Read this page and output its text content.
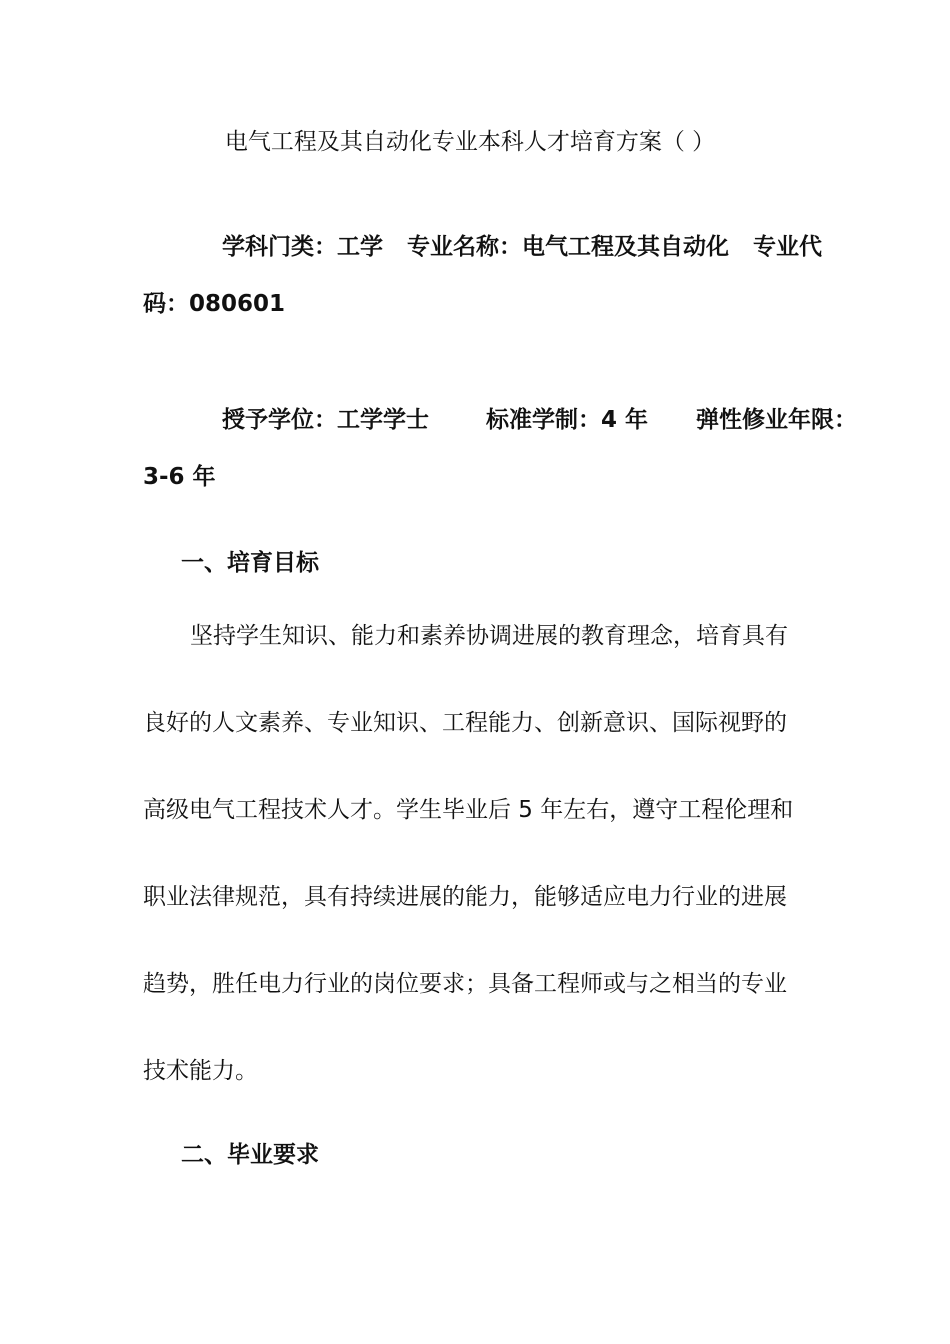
电气工程及其自动化专业本科人才培育方案（ ）

学科门类：工学 专业名称：电气工程及其自动化 专业代

码：080601

授予学位：工学学士 标准学制：4 年 弹性修业年限：

3-6 年
一、培育目标
坚持学生知识、能力和素养协调进展的教育理念，培育具有
良好的人文素养、专业知识、工程能力、创新意识、国际视野的
高级电气工程技术人才。学生毕业后 5 年左右，遵守工程伦理和
职业法律规范，具有持续进展的能力，能够适应电力行业的进展
趋势，胜任电力行业的岗位要求；具备工程师或与之相当的专业
技术能力。
二、毕业要求
